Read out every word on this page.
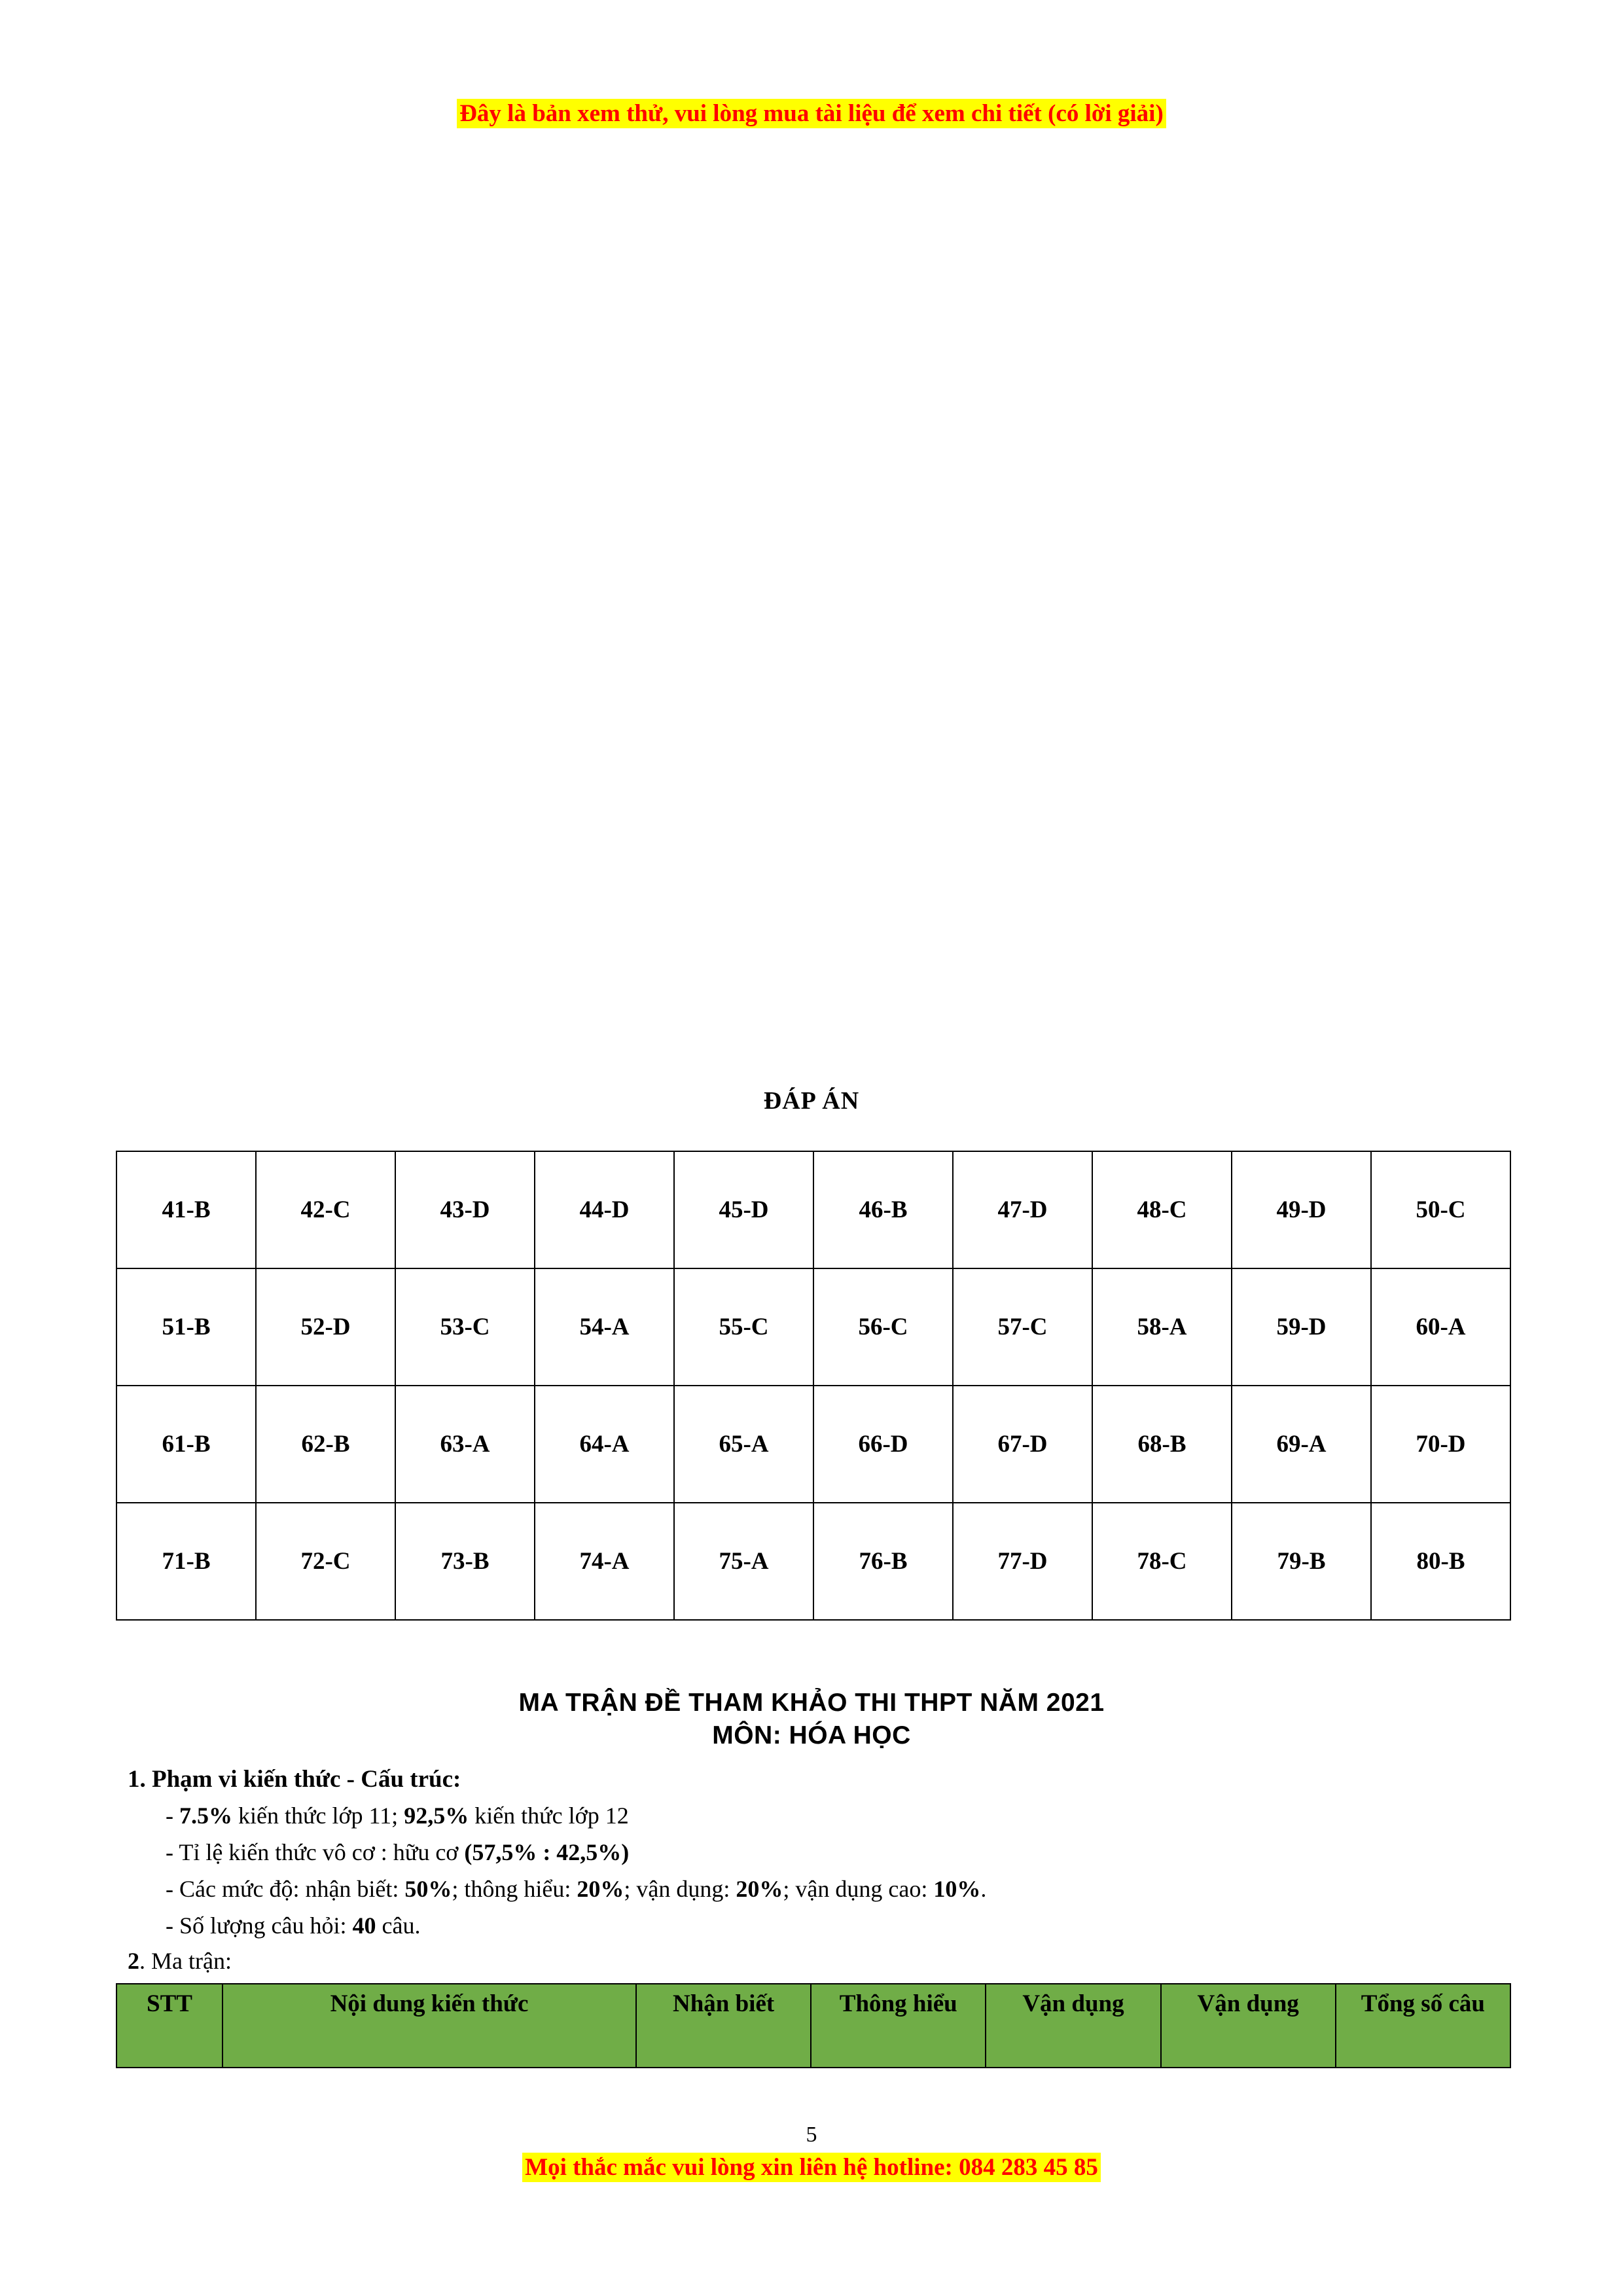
Đây là bản xem thử, vui lòng mua tài liệu để xem chi tiết (có lời giải)
ĐÁP ÁN
41-B	42-C	43-D	44-D	45-D	46-B	47-D	48-C	49-D	50-C
51-B	52-D	53-C	54-A	55-C	56-C	57-C	58-A	59-D	60-A
61-B	62-B	63-A	64-A	65-A	66-D	67-D	68-B	69-A	70-D
71-B	72-C	73-B	74-A	75-A	76-B	77-D	78-C	79-B	80-B
MA TRẬN ĐỀ THAM KHẢO THI THPT NĂM 2021
MÔN: HÓA HỌC
1. Phạm vi kiến thức - Cấu trúc:
- 7.5% kiến thức lớp 11; 92,5% kiến thức lớp 12
- Tỉ lệ kiến thức vô cơ : hữu cơ (57,5% : 42,5%)
- Các mức độ: nhận biết: 50%; thông hiểu: 20%; vận dụng: 20%; vận dụng cao: 10%.
- Số lượng câu hỏi: 40 câu.
2. Ma trận:
STT	Nội dung kiến thức	Nhận biết	Thông hiểu	Vận dụng	Vận dụng	Tổng số câu
5
Mọi thắc mắc vui lòng xin liên hệ hotline: 084 283 45 85
